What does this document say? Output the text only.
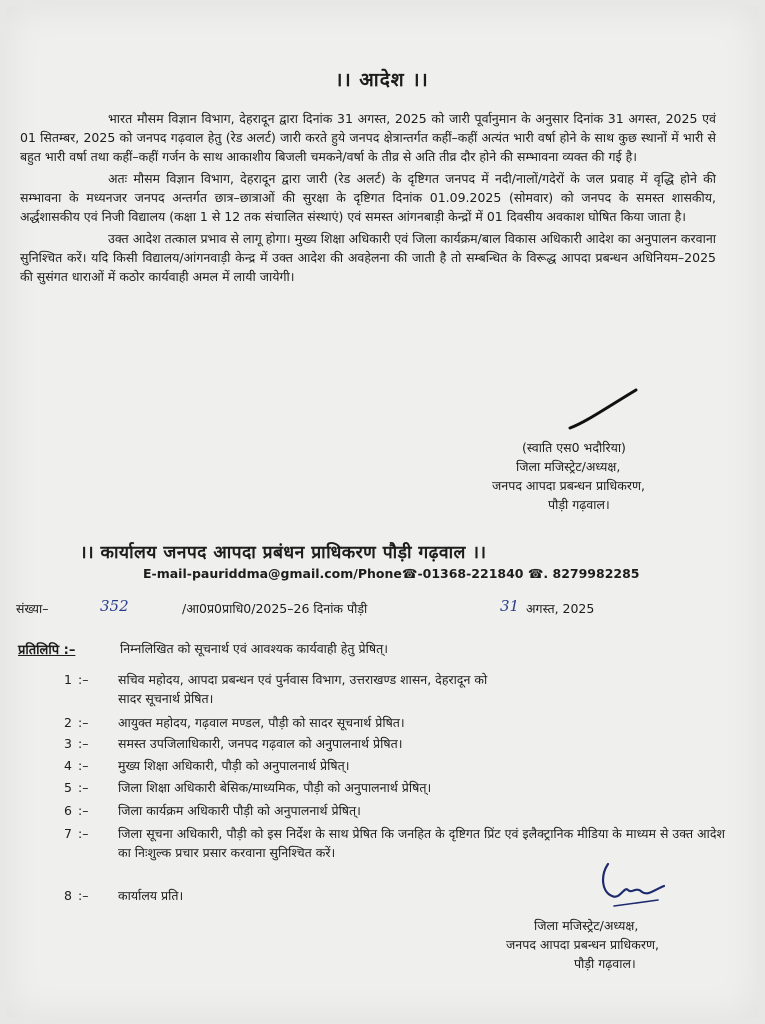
।। आदेश ।।

भारत मौसम विज्ञान विभाग, देहरादून द्वारा दिनांक 31 अगस्त, 2025 को जारी पूर्वानुमान के अनुसार दिनांक 31 अगस्त, 2025 एवं 01 सितम्बर, 2025 को जनपद गढ़वाल हेतु (रेड अलर्ट) जारी करते हुये जनपद क्षेत्रान्तर्गत कहीं–कहीं अत्यंत भारी वर्षा होने के साथ कुछ स्थानों में भारी से बहुत भारी वर्षा तथा कहीं–कहीं गर्जन के साथ आकाशीय बिजली चमकने/वर्षा के तीव्र से अति तीव्र दौर होने की सम्भावना व्यक्त की गई है।

अतः मौसम विज्ञान विभाग, देहरादून द्वारा जारी (रेड अलर्ट) के दृष्टिगत जनपद में नदी/नालों/गदेरों के जल प्रवाह में वृद्धि होने की सम्भावना के मध्यनजर जनपद अन्तर्गत छात्र–छात्राओं की सुरक्षा के दृष्टिगत दिनांक 01.09.2025 (सोमवार) को जनपद के समस्त शासकीय, अर्द्धशासकीय एवं निजी विद्यालय (कक्षा 1 से 12 तक संचालित संस्थाएं) एवं समस्त आंगनबाड़ी केन्द्रों में 01 दिवसीय अवकाश घोषित किया जाता है।

उक्त आदेश तत्काल प्रभाव से लागू होगा। मुख्य शिक्षा अधिकारी एवं जिला कार्यक्रम/बाल विकास अधिकारी आदेश का अनुपालन करवाना सुनिश्चित करें। यदि किसी विद्यालय/आंगनवाड़ी केन्द्र में उक्त आदेश की अवहेलना की जाती है तो सम्बन्धित के विरूद्ध आपदा प्रबन्धन अधिनियम–2025 की सुसंगत धाराओं में कठोर कार्यवाही अमल में लायी जायेगी।

(स्वाति एस0 भदौरिया)
जिला मजिस्ट्रेट/अध्यक्ष,
जनपद आपदा प्रबन्धन प्राधिकरण,
पौड़ी गढ़वाल।
।। कार्यालय जनपद आपदा प्रबंधन प्राधिकरण पौड़ी गढ़वाल ।।
E-mail-pauriddma@gmail.com/Phone☎-01368-221840 ☎. 8279982285
संख्या–	352	/आ0प्र0प्राधि0/2025–26 दिनांक पौड़ी	31 अगस्त, 2025
प्रतिलिपि :–	निम्नलिखित को सूचनार्थ एवं आवश्यक कार्यवाही हेतु प्रेषित्।
1 :– सचिव महोदय, आपदा प्रबन्धन एवं पुर्नवास विभाग, उत्तराखण्ड शासन, देहरादून को
सादर सूचनार्थ प्रेषित।
2 :– आयुक्त महोदय, गढ़वाल मण्डल, पौड़ी को सादर सूचनार्थ प्रेषित।
3 :– समस्त उपजिलाधिकारी, जनपद गढ़वाल को अनुपालनार्थ प्रेषित।
4 :– मुख्य शिक्षा अधिकारी, पौड़ी को अनुपालनार्थ प्रेषित्।
5 :– जिला शिक्षा अधिकारी बेसिक/माध्यमिक, पौड़ी को अनुपालनार्थ प्रेषित्।
6 :– जिला कार्यक्रम अधिकारी पौड़ी को अनुपालनार्थ प्रेषित्।
7 :– जिला सूचना अधिकारी, पौड़ी को इस निर्देश के साथ प्रेषित कि जनहित के दृष्टिगत प्रिंट एवं इलैक्ट्रानिक मीडिया के माध्यम से उक्त आदेश का निःशुल्क प्रचार प्रसार करवाना सुनिश्चित करें।
8 :– कार्यालय प्रति।
जिला मजिस्ट्रेट/अध्यक्ष,
जनपद आपदा प्रबन्धन प्राधिकरण,
पौड़ी गढ़वाल।
